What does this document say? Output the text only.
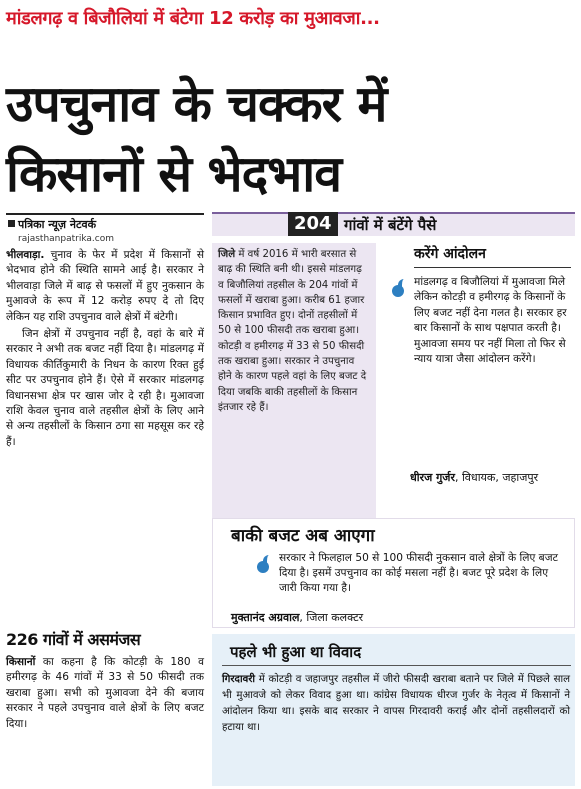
मांडलगढ़ व बिजौलियां में बंटेगा 12 करोड़ का मुआवजा...
उपचुनाव के चक्कर में
किसानों से भेदभाव
पत्रिका न्यूज़ नेटवर्क
rajasthanpatrika.com

भीलवाड़ा. चुनाव के फेर में प्रदेश में किसानों से भेदभाव होने की स्थिति सामने आई है। सरकार ने भीलवाड़ा जिले में बाढ़ से फसलों में हुए नुकसान के मुआवजे के रूप में 12 करोड़ रुपए दे तो दिए लेकिन यह राशि उपचुनाव वाले क्षेत्रों में बंटेगी।

जिन क्षेत्रों में उपचुनाव नहीं है, वहां के बारे में सरकार ने अभी तक बजट नहीं दिया है। मांडलगढ़ में विधायक कीर्तिकुमारी के निधन के कारण रिक्त हुई सीट पर उपचुनाव होने हैं। ऐसे में सरकार मांडलगढ़ विधानसभा क्षेत्र पर खास जोर दे रही है। मुआवजा राशि केवल चुनाव वाले तहसील क्षेत्रों के लिए आने से अन्य तहसीलों के किसान ठगा सा महसूस कर रहे हैं।

226 गांवों में असमंजस
किसानों का कहना है कि कोटड़ी के 180 व हमीरगढ़ के 46 गांवों में 33 से 50 फीसदी तक खराबा हुआ। सभी को मुआवजा देने की बजाय सरकार ने पहले उपचुनाव वाले क्षेत्रों के लिए बजट दिया।
204 गांवों में बंटेंगे पैसे
जिले में वर्ष 2016 में भारी बरसात से बाढ़ की स्थिति बनी थी। इससे मांडलगढ़ व बिजौलियां तहसील के 204 गांवों में फसलों में खराबा हुआ। करीब 61 हजार किसान प्रभावित हुए। दोनों तहसीलों में 50 से 100 फीसदी तक खराबा हुआ। कोटड़ी व हमीरगढ़ में 33 से 50 फीसदी तक खराबा हुआ। सरकार ने उपचुनाव होने के कारण पहले वहां के लिए बजट दे दिया जबकि बाकी तहसीलों के किसान इंतजार रहे हैं।
करेंगे आंदोलन
मांडलगढ़ व बिजौलियां में मुआवजा मिले लेकिन कोटड़ी व हमीरगढ़ के किसानों के लिए बजट नहीं देना गलत है। सरकार हर बार किसानों के साथ पक्षपात करती है। मुआवजा समय पर नहीं मिला तो फिर से न्याय यात्रा जैसा आंदोलन करेंगे।
धीरज गुर्जर, विधायक, जहाजपुर
बाकी बजट अब आएगा
सरकार ने फिलहाल 50 से 100 फीसदी नुकसान वाले क्षेत्रों के लिए बजट दिया है। इसमें उपचुनाव का कोई मसला नहीं है। बजट पूरे प्रदेश के लिए जारी किया गया है।
मुक्तानंद अग्रवाल, जिला कलक्टर
पहले भी हुआ था विवाद
गिरदावरी में कोटड़ी व जहाजपुर तहसील में जीरो फीसदी खराबा बताने पर जिले में पिछले साल भी मुआवजे को लेकर विवाद हुआ था। कांग्रेस विधायक धीरज गुर्जर के नेतृत्व में किसानों ने आंदोलन किया था। इसके बाद सरकार ने वापस गिरदावरी कराई और दोनों तहसीलदारों को हटाया था।
